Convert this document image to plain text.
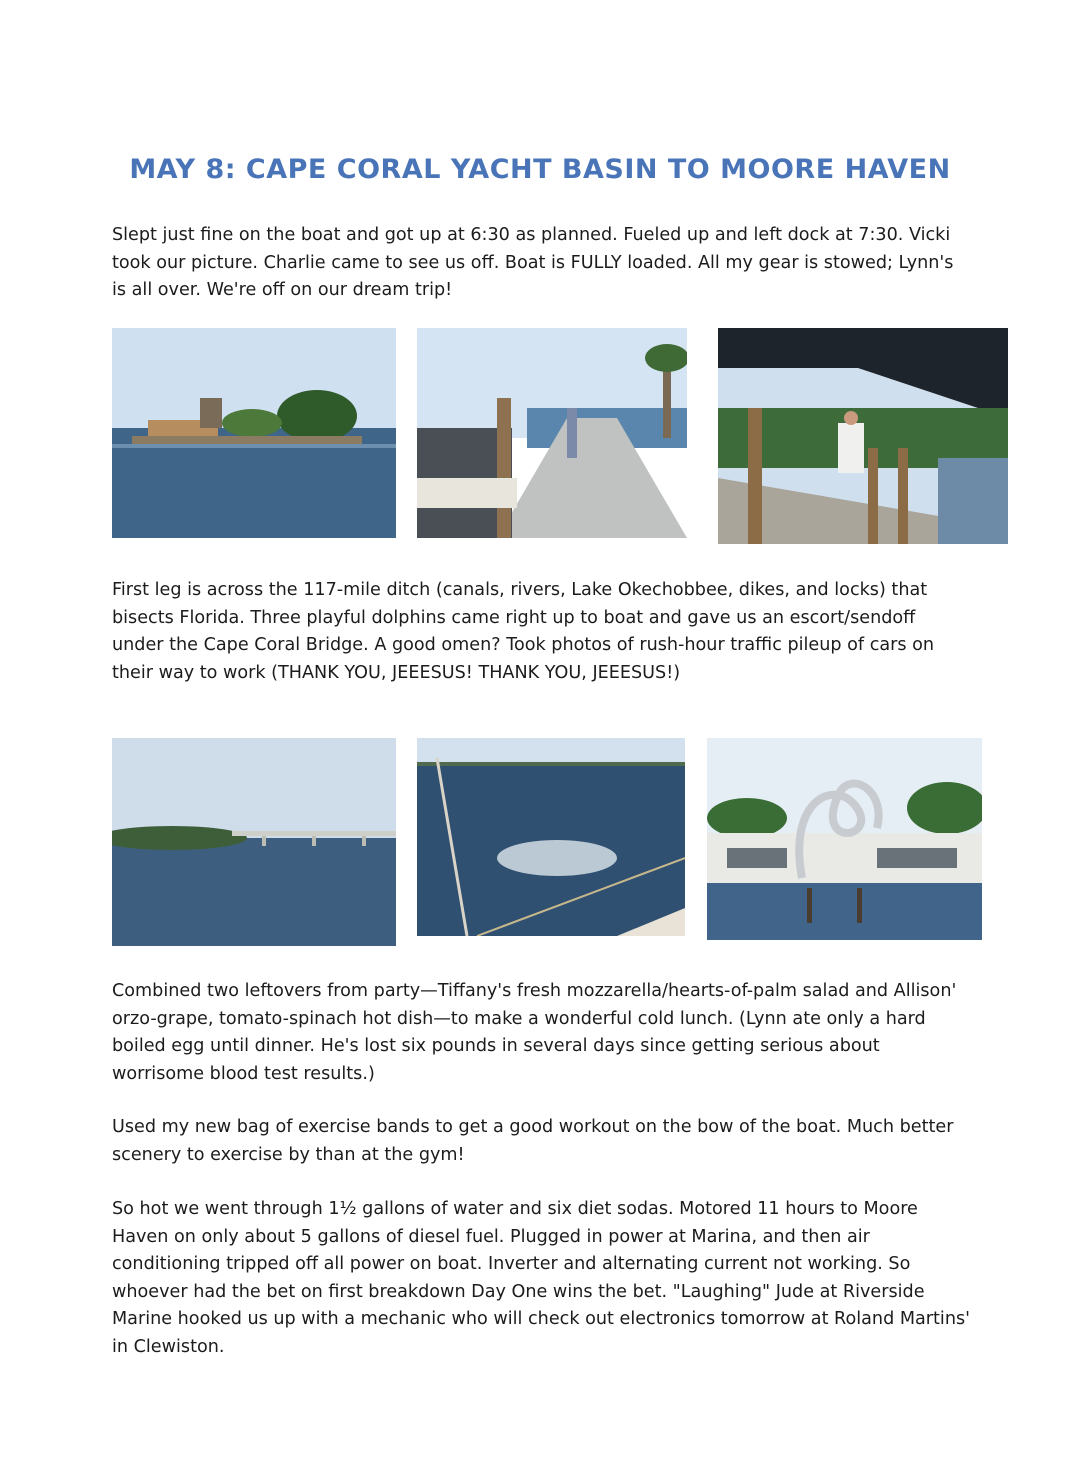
MAY 8: CAPE CORAL YACHT BASIN TO MOORE HAVEN

Slept just fine on the boat and got up at 6:30 as planned. Fueled up and left dock at 7:30. Vicki took our picture. Charlie came to see us off. Boat is FULLY loaded. All my gear is stowed; Lynn's is all over. We're off on our dream trip!

First leg is across the 117-mile ditch (canals, rivers, Lake Okechobbee, dikes, and locks) that bisects Florida. Three playful dolphins came right up to boat and gave us an escort/sendoff under the Cape Coral Bridge. A good omen? Took photos of rush-hour traffic pileup of cars on their way to work (THANK YOU, JEEESUS! THANK YOU, JEEESUS!)

Combined two leftovers from party—Tiffany's fresh mozzarella/hearts-of-palm salad and Allison' orzo-grape, tomato-spinach hot dish—to make a wonderful cold lunch. (Lynn ate only a hard boiled egg until dinner. He's lost six pounds in several days since getting serious about worrisome blood test results.)

Used my new bag of exercise bands to get a good workout on the bow of the boat. Much better scenery to exercise by than at the gym!

So hot we went through 1½ gallons of water and six diet sodas. Motored 11 hours to Moore Haven on only about 5 gallons of diesel fuel. Plugged in power at Marina, and then air conditioning tripped off all power on boat. Inverter and alternating current not working. So whoever had the bet on first breakdown Day One wins the bet. "Laughing" Jude at Riverside Marine hooked us up with a mechanic who will check out electronics tomorrow at Roland Martins' in Clewiston.
